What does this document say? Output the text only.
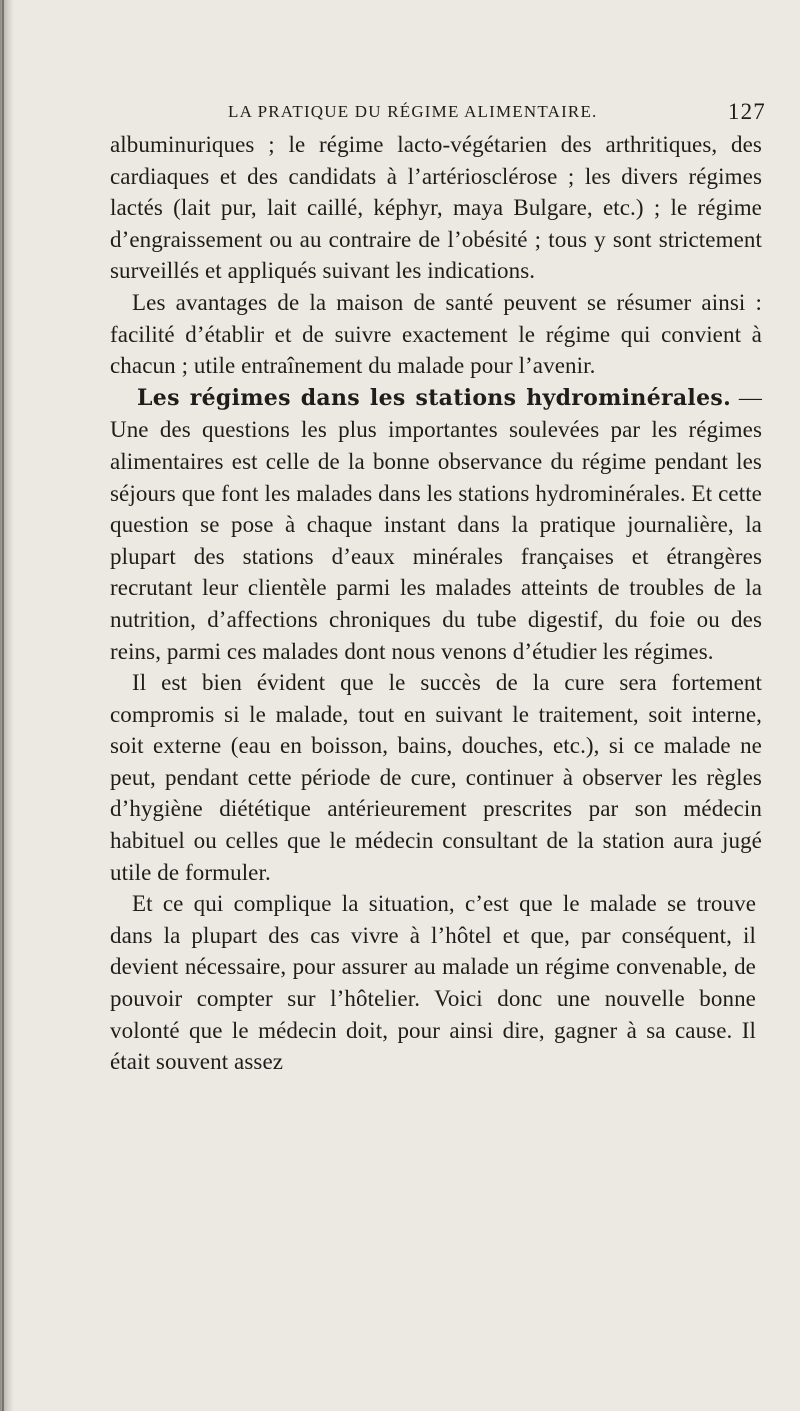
LA PRATIQUE DU RÉGIME ALIMENTAIRE.	127

albuminuriques ; le régime lacto-végétarien des arthritiques, des cardiaques et des candidats à l’artériosclérose ; les divers régimes lactés (lait pur, lait caillé, képhyr, maya Bulgare, etc.) ; le régime d’engraissement ou au contraire de l’obésité ; tous y sont strictement surveillés et appliqués suivant les indications.

Les avantages de la maison de santé peuvent se résumer ainsi : facilité d’établir et de suivre exactement le régime qui convient à chacun ; utile entraînement du malade pour l’avenir.

Les régimes dans les stations hydrominérales. — Une des questions les plus importantes soulevées par les régimes alimentaires est celle de la bonne observance du régime pendant les séjours que font les malades dans les stations hydrominérales. Et cette question se pose à chaque instant dans la pratique journalière, la plupart des stations d’eaux minérales françaises et étrangères recrutant leur clientèle parmi les malades atteints de troubles de la nutrition, d’affections chroniques du tube digestif, du foie ou des reins, parmi ces malades dont nous venons d’étudier les régimes.

Il est bien évident que le succès de la cure sera fortement compromis si le malade, tout en suivant le traitement, soit interne, soit externe (eau en boisson, bains, douches, etc.), si ce malade ne peut, pendant cette période de cure, continuer à observer les règles d’hygiène diététique antérieurement prescrites par son médecin habituel ou celles que le médecin consultant de la station aura jugé utile de formuler.

Et ce qui complique la situation, c’est que le malade se trouve dans la plupart des cas vivre à l’hôtel et que, par conséquent, il devient nécessaire, pour assurer au malade un régime convenable, de pouvoir compter sur l’hôtelier. Voici donc une nouvelle bonne volonté que le médecin doit, pour ainsi dire, gagner à sa cause. Il était souvent assez
